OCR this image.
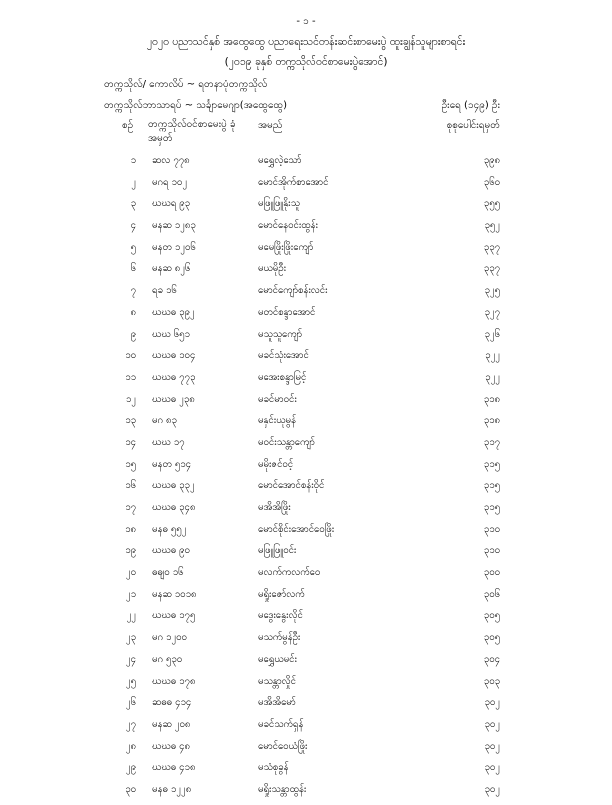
- ၁ -
၂၀၂၀ ပညာသင်နှစ် အထွေထွေ ပညာရေးသင်တန်းဆင်းစာမေးပွဲ ထူးချွန်သူများစာရင်း
(၂၀၁၉ ခုနှစ် တက္ကသိုလ်ဝင်စာမေးပွဲအောင်)
တက္ကသိုလ်/ ကောလိပ် ~ ရတနာပုံတက္ကသိုလ်
တက္ကသိုလ်ဘာသာရပ် ~ သင်္ချာမေဂျာ(အထွေထွေ)	ဦးရေ (၁၄၉) ဦး
စဉ် တက္ကသိုလ်ဝင်စာမေးပွဲ ခုံအမှတ်
အမည်	စုစုပေါင်းရမှတ်
၁ ဆလ ၇၇၈	မရွှေလဲ့သော်	၃၉၈
၂ မဂရ ၁၀၂	မောင်အိုက်စာအောင်	၃၆၀
၃ ဃဃရ ၉၃	မဖြူဖြူနိုးသူ	၃၅၅
၄ မနဆ ၁၂၈၃	မောင်နေဝင်းထွန်း	၃၅၂
၅ မနတ ၁၂၀၆	မမေဖြိုးဖြိုးကျော်	၃၃၇
၆ မနဆ ၈၂၆	မယမိုဦး	၃၃၇
၇ ရခ ၁၆	မောင်ကျော်စန်းလင်း	၃၂၅
၈ ဃဃဓ ၃၉၂	မတင်စန္ဒာအောင်	၃၂၇
၉ ဃဃ ၆၅၁	မသူသူကျော်	၃၂၆
၁၀ ဃဃဓ ၁၀၄	မခင်သုံးအောင်	၃၂၂
၁၁ ဃဃဓ ၇၇၃	မအေးစန္ဒာမြင့်	၃၂၂
၁၂ ဃဃဓ ၂၃၈	မခင်မာဝင်း	၃၁၈
၁၃ မဂ ၈၃	မနှင်းယုမွန်	၃၁၈
၁၄ ဃဃ ၁၇	မဝင်းသန္တာကျော်	၃၁၇
၁၅ မနတ ၅၁၄	မမိုးဇင်ဝင့်	၃၁၅
၁၆ ဃဃဓ ၃၃၂	မောင်အောင်စန်းဝိုင်	၃၁၅
၁၇ ဃဃဓ ၃၄၈	မအိအိဖြိုး	၃၁၅
၁၈ မနဓ ၅၅၂	မောင်စိုင်းအောင်ဝေဖြိုး	၃၁၀
၁၉ ဃဃဓ ၉၀	မဖြူဖြူဝင်း	၃၁၀
၂၀ ဓဓျ၀ ၁၆	မလက်ကလက်ဝေ	၃၀၀
၂၁ မနဆ ၁၀၁၈	မရှိုးဇော်လက်	၃၀၆
၂၂ ဃဃဓ ၁၇၅	မဒွေးနွေးလိုင်	၃၀၅
၂၃ မဂ ၁၂၀၀	မသက်မွန်ဦး	၃၀၅
၂၄ မဂ ၅၃၀	မရွှေယမင်း	၃၀၄
၂၅ ဃဃဓ ၁၇၈	မသန္တာလှိုင်	၃၀၃
၂၆ ဆဓဓ ၄၁၄	မအိအိမော်	၃၀၂
၂၇ မနဆ ၂၀၈	မခင်သက်ရှန်	၃၀၂
၂၈ ဃဃဓ ၄၈	မောင်ဝေယံဖြိုး	၃၀၂
၂၉ ဃဃဓ ၄၁၈	မသံစုခွန်	၃၀၂
၃၀ မနဓ ၁၂၂၈	မရှိုးသန္တာထွန်း	၃၀၂
